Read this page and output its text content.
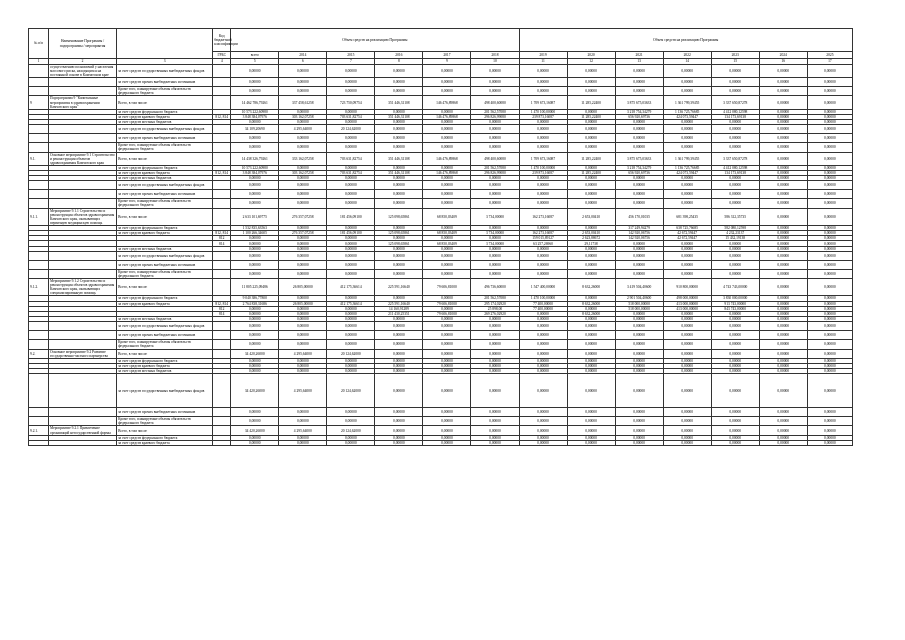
№ п/п	Наименование Программы / подпрограммы / мероприятия		Код бюджетной классификации	Объем средств на реализацию Программы						Объем средств на реализацию Программы						
			ГРБС	всего	2014	2015	2016	2017	2018	2019	2020	2021	2022	2023	2024	2025
1	2	3	4	5	6	7	8	9	10	11	12	13	14	15	16	17
	осуществлению полномочий у населения массового риска, находящихся на постоянной основе в Камчатском крае	за счет средств государственных внебюджетных фондов		0,00000	0,00000	0,00000	0,00000	0,00000	0,00000	0,00000	0,00000	0,00000	0,00000	0,00000	0,00000	0,00000
		за счет средств прочих внебюджетных источников		0,00000	0,00000	0,00000	0,00000	0,00000	0,00000	0,00000	0,00000	0,00000	0,00000	0,00000	0,00000	0,00000
		Кроме того, планируемые объемы обязательств федерального бюджета		0,00000	0,00000	0,00000	0,00000	0,00000	0,00000	0,00000	0,00000	0,00000	0,00000	0,00000	0,00000	0,00000
9	Подпрограмма 9 "Капитальные мероприятия в здравоохранении Камчатского края"	Всего, в том числе:		14 462 786,79261	337 458,61258	723 750,09754	351 446,31108	146 476,89868	498 400,60080	1 709 673,16087	11 285,22400	3 875 675,03633	1 361 799,39455	3 337 650,87278	0,00000	0,00000
		за счет средств федерального бюджета		10 573 222,60980	0,00000	0,00000	0,00000	0,00000	201 562,57080	1 470 100,00000	0,00000	3 218 754,34279	1 136 725,76685	4 412 080,12598	0,00000	0,00000
		за счет средств краевого бюджета	812, 814	3 848 384,07976	303 162,07258	703 631,82754	351 446,31108	146 476,89868	296 826,99080	239 873,16087	11 285,22400	656 920,69736	424 073,59447	134 173,69138	0,00000	0,00000
		за счет средств местных бюджетов		0,00000	0,00000	0,00000	0,00000	0,00000	0,00000	0,00000	0,00000	0,00000	0,00000	0,00000	0,00000	0,00000
		за счет средств государственных внебюджетных фондов		34 109,20690	4 295,64000	20 124,62000	0,00000	0,00000	0,00000	0,00000	0,00000	0,00000	0,00000	0,00000	0,00000	0,00000
		за счет средств прочих внебюджетных источников		0,00000	0,00000	0,00000	0,00000	0,00000	0,00000	0,00000	0,00000	0,00000	0,00000	0,00000	0,00000	0,00000
		Кроме того, планируемые объемы обязательств федерального бюджета		0,00000	0,00000	0,00000	0,00000	0,00000	0,00000	0,00000	0,00000	0,00000	0,00000	0,00000	0,00000	0,00000
9.1.	Основное мероприятие 9.1 Строительство и реконструкция объектов здравоохранения Камчатского края	Всего, в том числе:		14 438 326,79261	333 162,07258	703 631,82754	351 446,31108	146 476,89868	498 400,60080	1 709 673,16087	11 285,22400	3 875 675,03633	1 361 799,39455	3 337 650,87278	0,00000	0,00000
		за счет средств федерального бюджета		10 573 222,60980	0,00000	0,00000	0,00000	0,00000	201 562,57080	1 470 100,00000	0,00000	3 218 754,34279	1 136 725,76685	4 412 080,12598	0,00000	0,00000
		за счет средств краевого бюджета	812, 814	3 848 384,07976	303 162,07258	703 631,82754	351 446,31108	146 476,89868	296 826,99080	239 873,16087	11 285,22400	656 920,69736	424 073,59447	134 173,69138	0,00000	0,00000
		за счет средств местных бюджетов		0,00000	0,00000	0,00000	0,00000	0,00000	0,00000	0,00000	0,00000	0,00000	0,00000	0,00000	0,00000	0,00000
		за счет средств государственных внебюджетных фондов		0,00000	0,00000	0,00000	0,00000	0,00000	0,00000	0,00000	0,00000	0,00000	0,00000	0,00000	0,00000	0,00000
		за счет средств прочих внебюджетных источников		0,00000	0,00000	0,00000	0,00000	0,00000	0,00000	0,00000	0,00000	0,00000	0,00000	0,00000	0,00000	0,00000
		Кроме того, планируемые объемы обязательств федерального бюджета		0,00000	0,00000	0,00000	0,00000	0,00000	0,00000	0,00000	0,00000	0,00000	0,00000	0,00000	0,00000	0,00000
9.1.1.	Мероприятие 9.1.1 Строительство и реконструкция объектов здравоохранения Камчатского края, оказывающих первичную медицинскую помощь	Всего, в том числе:		2 633 101,69775	276 357,07258	181 456,09100	125 098,65861	68 850,03409	3 734,00000	162 273,16087	2 653,00410	456 170,01035	681 398,25435	586 312,35735	0,00000	0,00000
		за счет средств федерального бюджета		1 532 835,63563	0,00000	0,00000	0,00000	0,00000	0,00000	0,00000	0,00000	317 249,94279	638 725,76685	582 080,12598	0,00000	0,00000
		за счет средств краевого бюджета	812, 814	1 100 266,34605	276 357,07258	181 456,09100	125 098,65861	68 850,03409	3 734,00000	162 273,16087	2 653,00410	142 920,06756	42 672,59447	4 232,23137	0,00000	0,00000
			812	0,00000	0,00000	0,00000	0,00000	0,00000	0,00000	159 015,89127	2 623,88672	142 920,06756	42 672,59447	15 432,19138	0,00000	0,00000
			814	0,00000	0,00000	0,00000	125 098,65861	68 850,03409	3 734,00000	63 257,26960	29,11738	0,00000	0,00000	0,00000	0,00000	0,00000
		за счет средств местных бюджетов		0,00000	0,00000	0,00000	0,00000	0,00000	0,00000	0,00000	0,00000	0,00000	0,00000	0,00000	0,00000	0,00000
		за счет средств государственных внебюджетных фондов		0,00000	0,00000	0,00000	0,00000	0,00000	0,00000	0,00000	0,00000	0,00000	0,00000	0,00000	0,00000	0,00000
		за счет средств прочих внебюджетных источников		0,00000	0,00000	0,00000	0,00000	0,00000	0,00000	0,00000	0,00000	0,00000	0,00000	0,00000	0,00000	0,00000
		Кроме того, планируемые объемы обязательств федерального бюджета		0,00000	0,00000	0,00000	0,00000	0,00000	0,00000	0,00000	0,00000	0,00000	0,00000	0,00000	0,00000	0,00000
9.1.2.	Мероприятие 9.1.2 Строительство и реконструкция объектов здравоохранения Камчатского края, оказывающих специализированную помощь	Всего, в том числе:		11 805 225,09486	26 805,00000	412 175,36614	225 591,16640	79 606,81000	496 736,60000	1 547 400,00000	8 632,26000	3 419 504,40600	910 800,00000	4 743 743,00000	0,00000	0,00000
		за счет средств федерального бюджета		9 040 386,77800	0,00000	0,00000	0,00000	0,00000	201 562,57080	1 470 100,00000	0,00000	2 901 504,40600	498 000,00000	3 830 000,00000	0,00000	0,00000
		за счет средств краевого бюджета	812, 814	2 764 838,31686	26 805,00000	412 175,36614	225 591,16640	79 606,81000	295 174,02920	77 400,00000	8 632,26000	518 000,00000	413 000,00000	913 743,00000	0,00000	0,00000
			812	0,00000	0,00000	0,00000	14 160,91289	0,00000	25 898,00	77 400,00000	0,00000	518 000,00000	413 000,00000	843 743,00000	0,00000	0,00000
			814	0,00000	0,00000	0,00000	211 430,25351	79 606,81000	269 276,02920	0,00000	8 632,26000	0,00000	0,00000	0,00000	0,00000	0,00000
		за счет средств местных бюджетов		0,00000	0,00000	0,00000	0,00000	0,00000	0,00000	0,00000	0,00000	0,00000	0,00000	0,00000	0,00000	0,00000
		за счет средств государственных внебюджетных фондов		0,00000	0,00000	0,00000	0,00000	0,00000	0,00000	0,00000	0,00000	0,00000	0,00000	0,00000	0,00000	0,00000
		за счет средств прочих внебюджетных источников		0,00000	0,00000	0,00000	0,00000	0,00000	0,00000	0,00000	0,00000	0,00000	0,00000	0,00000	0,00000	0,00000
		Кроме того, планируемые объемы обязательств федерального бюджета		0,00000	0,00000	0,00000	0,00000	0,00000	0,00000	0,00000	0,00000	0,00000	0,00000	0,00000	0,00000	0,00000
9.2.	Основное мероприятие 9.2 Развитие государственно-частного партнерства	Всего, в том числе:		34 420,26000	4 295,64000	20 124,62000	0,00000	0,00000	0,00000	0,00000	0,00000	0,00000	0,00000	0,00000	0,00000	0,00000
		за счет средств федерального бюджета		0,00000	0,00000	0,00000	0,00000	0,00000	0,00000	0,00000	0,00000	0,00000	0,00000	0,00000	0,00000	0,00000
		за счет средств краевого бюджета		0,00000	0,00000	0,00000	0,00000	0,00000	0,00000	0,00000	0,00000	0,00000	0,00000	0,00000	0,00000	0,00000
		за счет средств местных бюджетов		0,00000	0,00000	0,00000	0,00000	0,00000	0,00000	0,00000	0,00000	0,00000	0,00000	0,00000	0,00000	0,00000
		за счет средств государственных внебюджетных фондов		34 420,26000	4 295,64000	20 124,62000	0,00000	0,00000	0,00000	0,00000	0,00000	0,00000	0,00000	0,00000	0,00000	0,00000
		за счет средств прочих внебюджетных источников		0,00000	0,00000	0,00000	0,00000	0,00000	0,00000	0,00000	0,00000	0,00000	0,00000	0,00000	0,00000	0,00000
		Кроме того, планируемые объемы обязательств федерального бюджета		0,00000	0,00000	0,00000	0,00000	0,00000	0,00000	0,00000	0,00000	0,00000	0,00000	0,00000	0,00000	0,00000
9.2.1.	Мероприятие 9.2.1 Привлечение организаций негосударственной формы	Всего, в том числе:		34 420,26000	4 295,64000	20 124,62000	0,00000	0,00000	0,00000	0,00000	0,00000	0,00000	0,00000	0,00000	0,00000	0,00000
		за счет средств федерального бюджета		0,00000	0,00000	0,00000	0,00000	0,00000	0,00000	0,00000	0,00000	0,00000	0,00000	0,00000	0,00000	0,00000
		за счет средств краевого бюджета		0,00000	0,00000	0,00000	0,00000	0,00000	0,00000	0,00000	0,00000	0,00000	0,00000	0,00000	0,00000	0,00000
